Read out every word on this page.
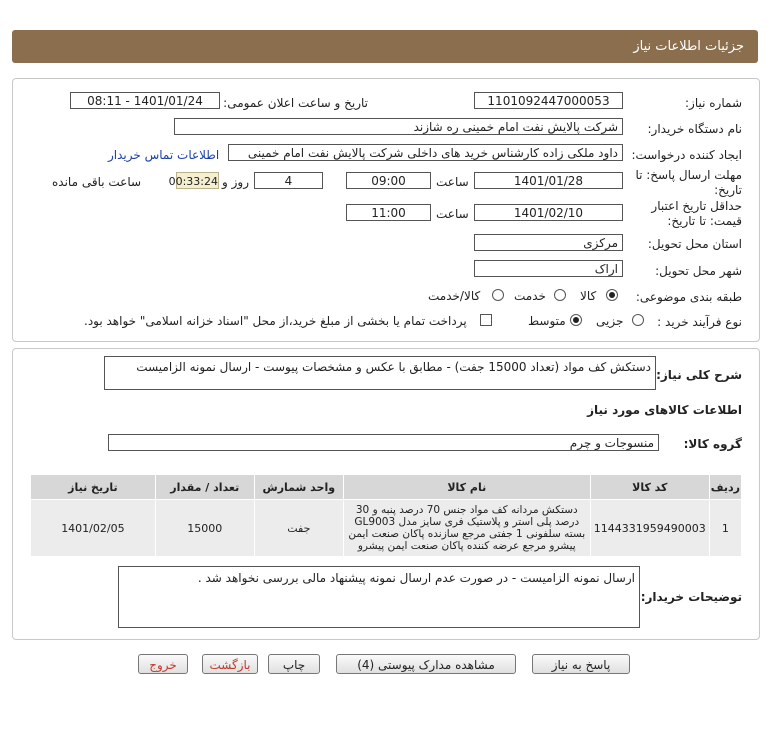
جزئیات اطلاعات نیاز
شماره نیاز:
1101092447000053
تاریخ و ساعت اعلان عمومی:
1401/01/24 - 08:11
نام دستگاه خریدار:
شرکت پالایش نفت امام خمینی ره شازند
ایجاد کننده درخواست:
داود ملکی زاده کارشناس خرید های داخلی شرکت پالایش نفت امام خمینی
اطلاعات تماس خریدار
مهلت ارسال پاسخ: تا تاریخ:
1401/01/28
ساعت
09:00
4
روز و
00:33:24
ساعت باقی مانده
حداقل تاریخ اعتبار قیمت: تا تاریخ:
1401/02/10
ساعت
11:00
استان محل تحویل:
مرکزی
شهر محل تحویل:
اراک
طبقه بندی موضوعی:
کالا
خدمت
کالا/خدمت
نوع فرآیند خرید :
جزیی
متوسط
پرداخت تمام یا بخشی از مبلغ خرید،از محل "اسناد خزانه اسلامی" خواهد بود.
شرح کلی نیاز:
دستکش کف مواد (تعداد 15000 جفت) - مطابق با عکس و مشخصات پیوست - ارسال نمونه الزامیست
اطلاعات کالاهای مورد نیاز
گروه کالا:
منسوجات و چرم
ردیف	کد کالا	نام کالا	واحد شمارش	تعداد / مقدار	تاریخ نیاز
1	1144331959490003	دستکش مردانه کف مواد جنس 70 درصد پنبه و 30 درصد پلی استر و پلاستیک فری سایز مدل GL9003 بسته سلفونی 1 جفتی مرجع سازنده پاکان صنعت ایمن پیشرو مرجع عرضه کننده پاکان صنعت ایمن پیشرو	جفت	15000	1401/02/05
توضیحات خریدار:
ارسال نمونه الزامیست - در صورت عدم ارسال نمونه پیشنهاد مالی بررسی نخواهد شد .
پاسخ به نیاز
مشاهده مدارک پیوستی (4)
چاپ
بازگشت
خروج
